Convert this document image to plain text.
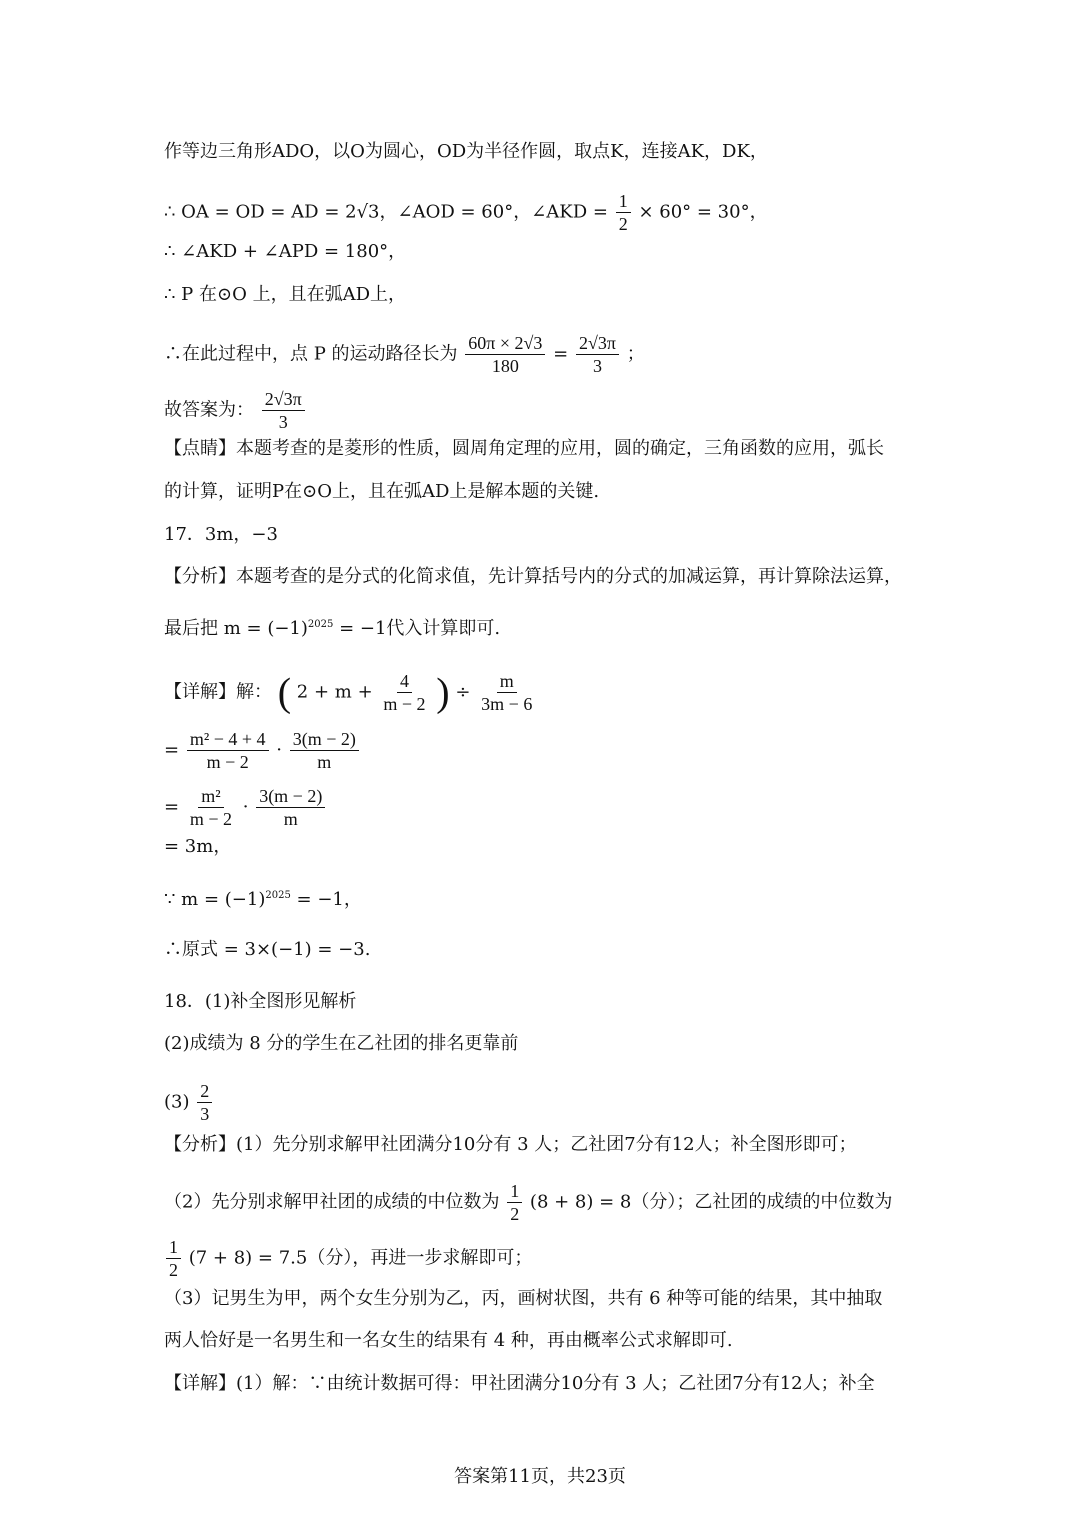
作等边三角形ADO，以O为圆心，OD为半径作圆，取点K，连接AK，DK，
∴ OA = OD = AD = 2√3，∠AOD = 60°，∠AKD = $\frac{1}{2} \times 60^\circ = 30^\circ$，
∴ ∠AKD + ∠APD = 180°，
∴ P 在⊙O 上，且在弧AD上，
∴在此过程中，点 P 的运动路径长为 $\frac{60\pi \times 2√3}{180} = \frac{2√3\pi}{3}$ ；
故答案为： $\frac{2√3\pi}{3}$
【点睛】本题考查的是菱形的性质，圆周角定理的应用，圆的确定，三角函数的应用，弧长
的计算，证明P在⊙O上，且在弧AD上是解本题的关键.
17．3m，−3
【分析】本题考查的是分式的化简求值，先计算括号内的分式的加减运算，再计算除法运算，
最后把 $m = (-1)^{2025} = -1$代入计算即可.
【详解】解： ( $2 + m + \frac{4}{m - 2}$ ) ÷ $\frac{m}{3m - 6}$
= $\frac{\text{m² − 4 + 4}}{m - 2} \cdot \frac{3(m - 2)}{m}$
= $\frac{\text{m²}}{m - 2} \cdot \frac{3(m - 2)}{m}$
= 3m，
∵ $m = (-1)^{2025} = -1$，
∴原式 = 3×(−1) = −3.
18．(1)补全图形见解析
(2)成绩为 8 分的学生在乙社团的排名更靠前
$(3) \frac{2}{3}$
【分析】(1）先分别求解甲社团满分10分有 3 人；乙社团7分有12人；补全图形即可；
（2）先分别求解甲社团的成绩的中位数为 $\frac{1}{2} (8 + 8) = 8$（分）；乙社团的成绩的中位数为
$\frac{1}{2} (7 + 8) = 7.5$（分），再进一步求解即可；
（3）记男生为甲，两个女生分别为乙，丙，画树状图，共有 6 种等可能的结果，其中抽取
两人恰好是一名男生和一名女生的结果有 4 种，再由概率公式求解即可.
【详解】(1）解：∵由统计数据可得：甲社团满分10分有 3 人；乙社团7分有12人；补全
答案第11页，共23页
